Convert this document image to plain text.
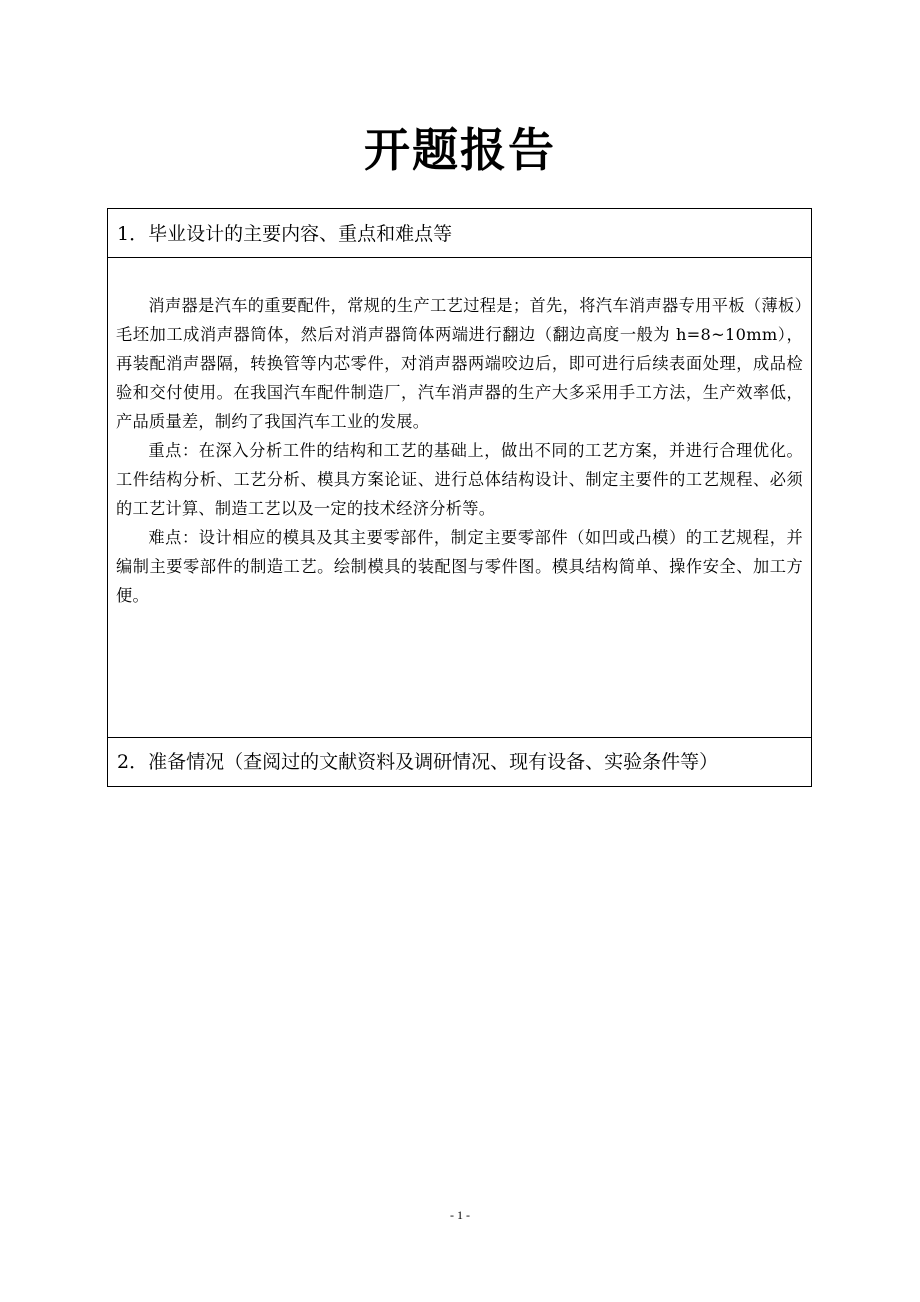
开题报告
1．毕业设计的主要内容、重点和难点等

消声器是汽车的重要配件，常规的生产工艺过程是；首先，将汽车消声器专用平板（薄板）毛坯加工成消声器筒体，然后对消声器筒体两端进行翻边（翻边高度一般为 h=8~10mm），再装配消声器隔，转换管等内芯零件，对消声器两端咬边后，即可进行后续表面处理，成品检验和交付使用。在我国汽车配件制造厂，汽车消声器的生产大多采用手工方法，生产效率低，产品质量差，制约了我国汽车工业的发展。

重点：在深入分析工件的结构和工艺的基础上，做出不同的工艺方案，并进行合理优化。工件结构分析、工艺分析、模具方案论证、进行总体结构设计、制定主要件的工艺规程、必须的工艺计算、制造工艺以及一定的技术经济分析等。

难点：设计相应的模具及其主要零部件，制定主要零部件（如凹或凸模）的工艺规程，并编制主要零部件的制造工艺。绘制模具的装配图与零件图。模具结构简单、操作安全、加工方便。

2．准备情况（查阅过的文献资料及调研情况、现有设备、实验条件等）
- 1 -
